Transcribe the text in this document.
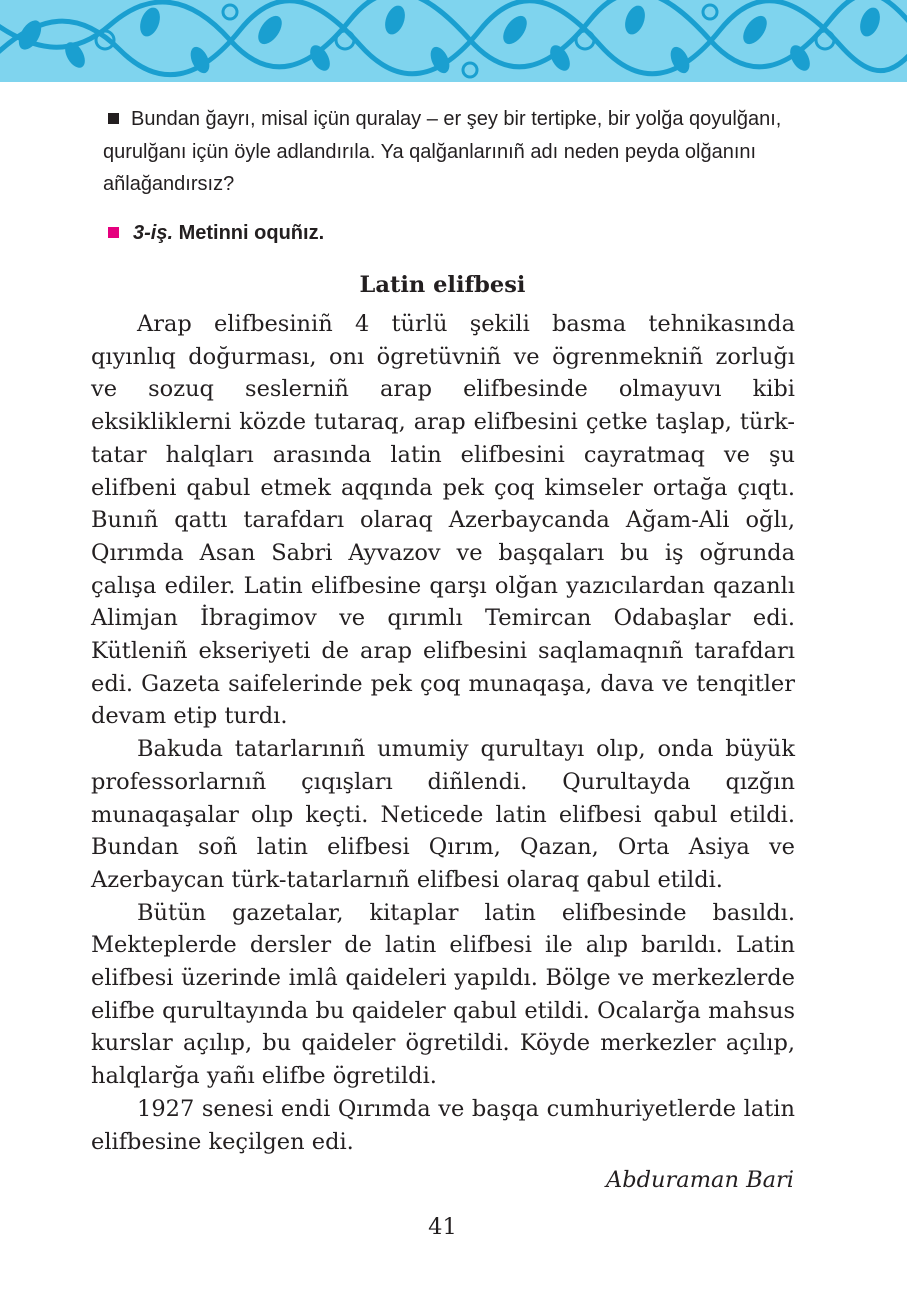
Bundan ğayrı, misal içün quralay – er şey bir tertipke, bir yolğa qoyulğanı, qurulğanı içün öyle adlandırıla. Ya qalğanlarınıñ adı neden peyda olğanını añlağandırsız?

3-iş. Metinni oquñız.

Latin elifbesi

Arap elifbesiniñ 4 türlü şekili basma tehnikasında qıyınlıq doğurması, onı ögretüvniñ ve ögrenmekniñ zorluğı ve sozuq seslerniñ arap elifbesinde olmayuvı kibi eksikliklerni közde tutaraq, arap elifbesini çetke taşlap, türk-tatar halqları arasında latin elifbesini cayratmaq ve şu elifbeni qabul etmek aqqında pek çoq kimseler ortağa çıqtı. Bunıñ qattı tarafdarı olaraq Azerbaycanda Ağam-Ali oğlı, Qırımda Asan Sabri Ayvazov ve başqaları bu iş oğrunda çalışa ediler. Latin elifbesine qarşı olğan yazıcılardan qazanlı Alimjan İbragimov ve qırımlı Temircan Odabaşlar edi. Kütleniñ ekseriyeti de arap elifbesini saqlamaqnıñ tarafdarı edi. Gazeta saifelerinde pek çoq munaqaşa, dava ve tenqitler devam etip turdı.

Bakuda tatarlarınıñ umumiy qurultayı olıp, onda büyük professorlarnıñ çıqışları diñlendi. Qurultayda qızğın munaqaşalar olıp keçti. Neticede latin elifbesi qabul etildi. Bundan soñ latin elifbesi Qırım, Qazan, Orta Asiya ve Azerbaycan türk-tatarlarnıñ elifbesi olaraq qabul etildi.

Bütün gazetalar, kitaplar latin elifbesinde basıldı. Mekteplerde dersler de latin elifbesi ile alıp barıldı. Latin elifbesi üzerinde imlâ qaideleri yapıldı. Bölge ve merkezlerde elifbe qurultayında bu qaideler qabul etildi. Ocalarğa mahsus kurslar açılıp, bu qaideler ögretildi. Köyde merkezler açılıp, halqlarğa yañı elifbe ögretildi.

1927 senesi endi Qırımda ve başqa cumhuriyetlerde latin elifbesine keçilgen edi.

Abduraman Bari

41
